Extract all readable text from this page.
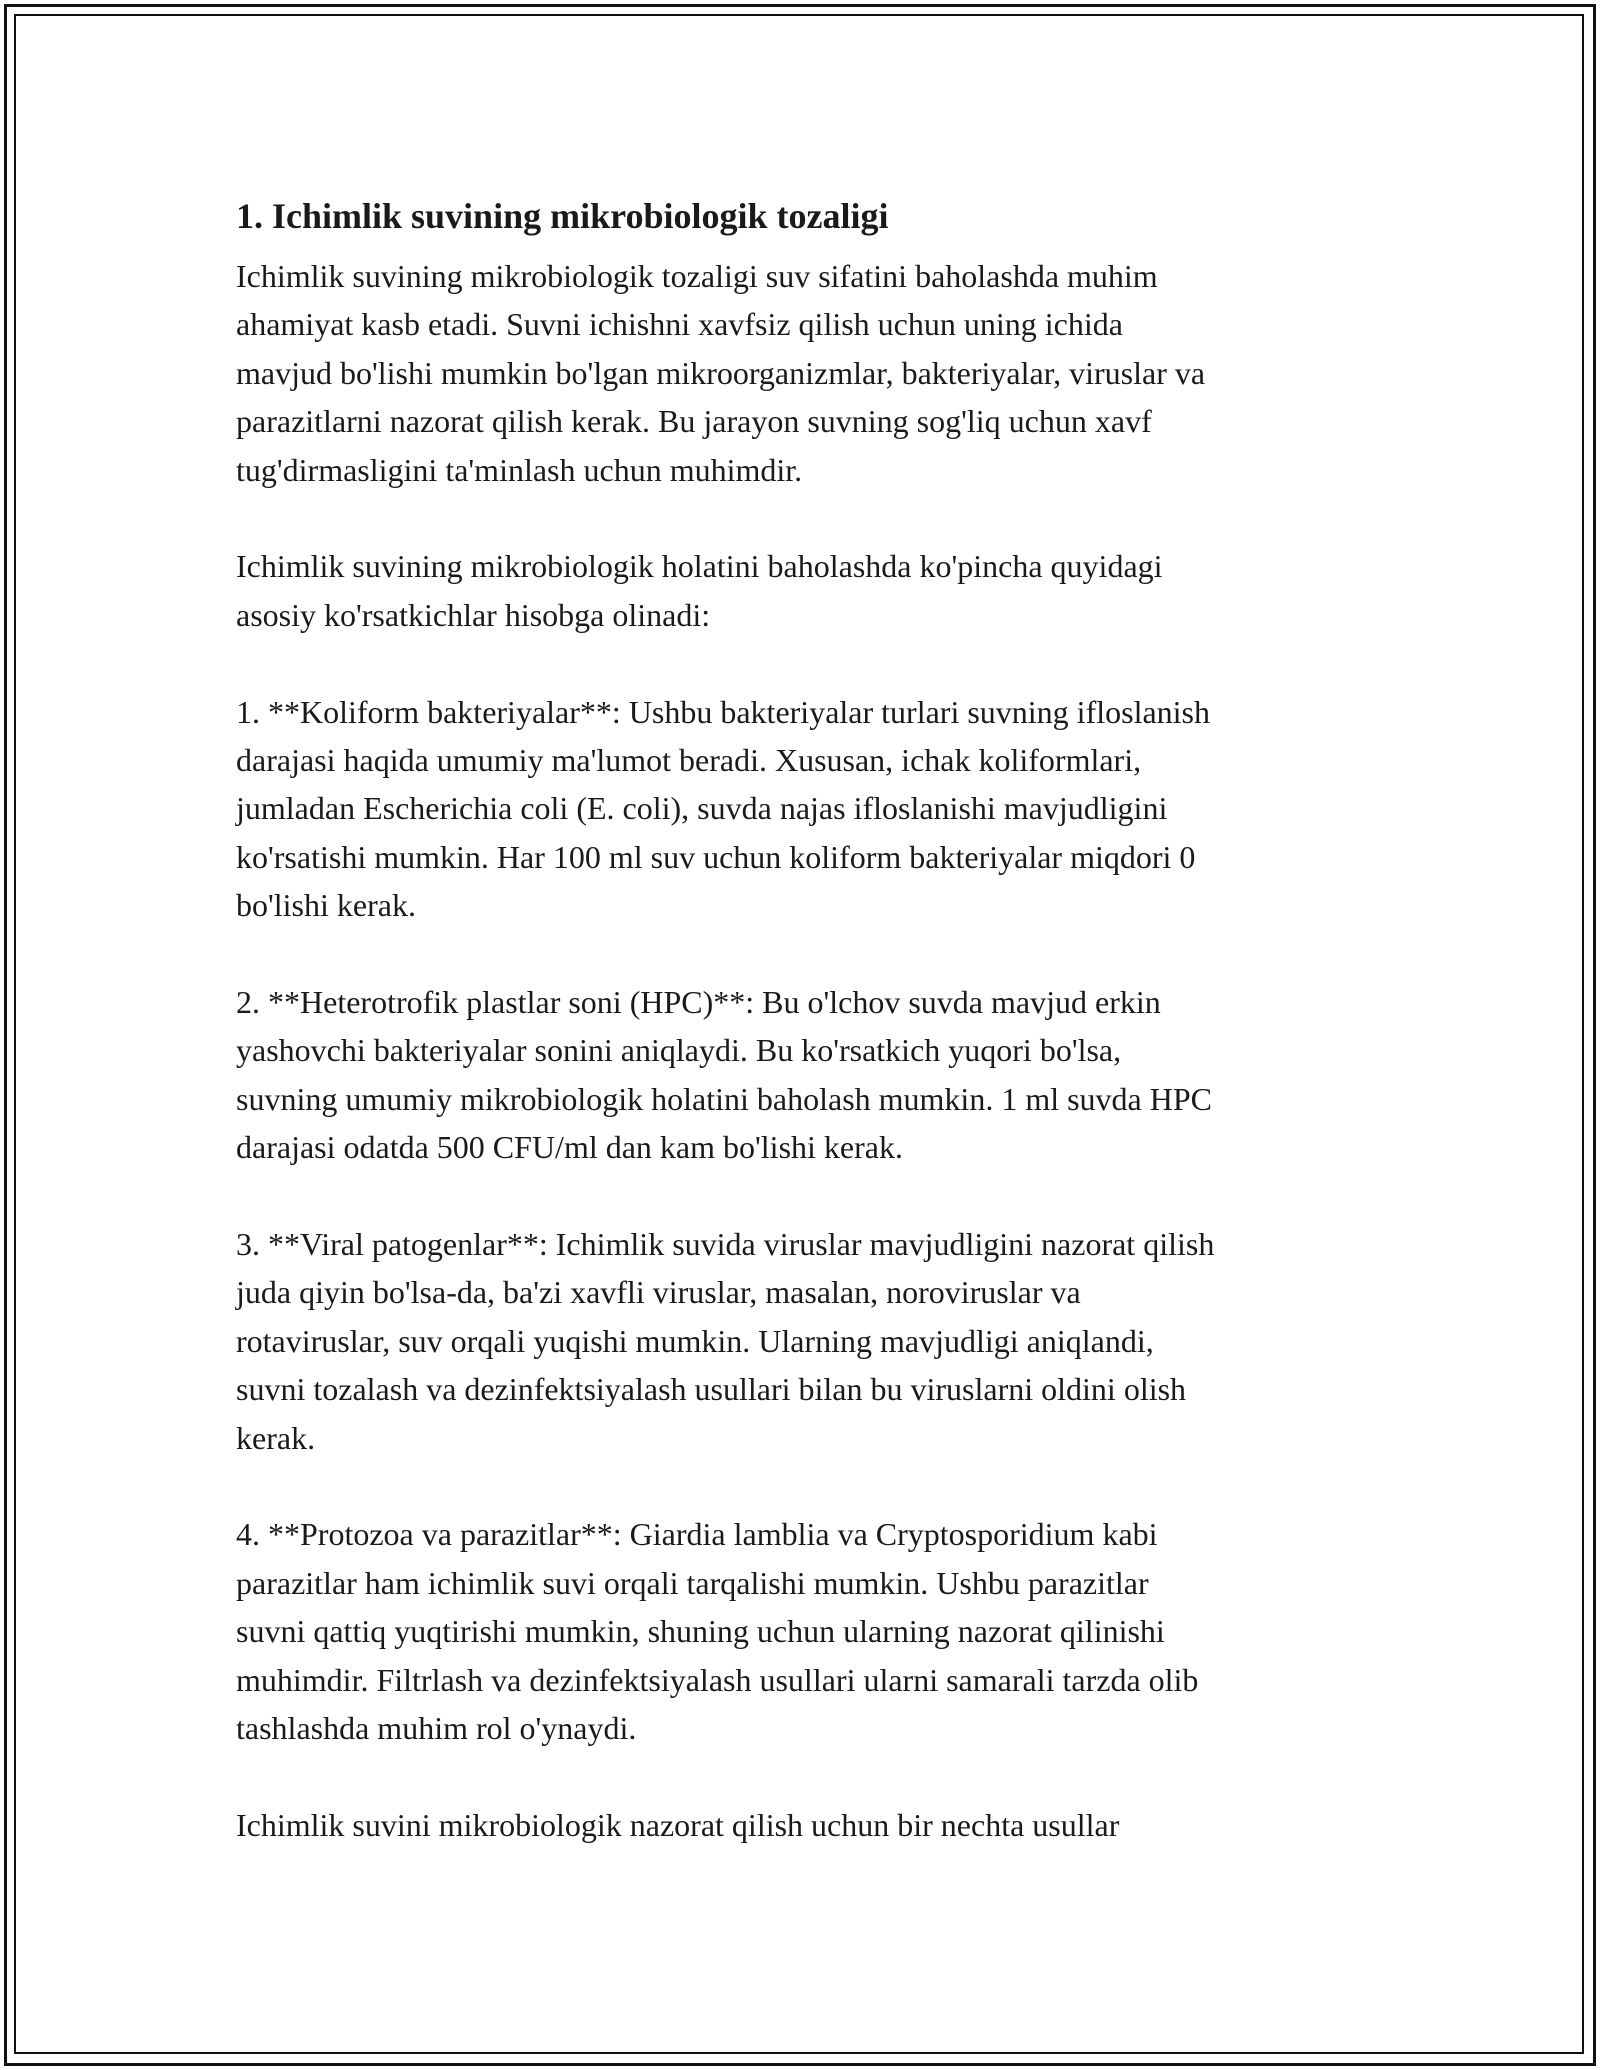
1. Ichimlik suvining mikrobiologik tozaligi
Ichimlik suvining mikrobiologik tozaligi suv sifatini baholashda muhim
ahamiyat kasb etadi. Suvni ichishni xavfsiz qilish uchun uning ichida
mavjud bo'lishi mumkin bo'lgan mikroorganizmlar, bakteriyalar, viruslar va
parazitlarni nazorat qilish kerak. Bu jarayon suvning sog'liq uchun xavf
tug'dirmasligini ta'minlash uchun muhimdir.
Ichimlik suvining mikrobiologik holatini baholashda ko'pincha quyidagi
asosiy ko'rsatkichlar hisobga olinadi:
1. **Koliform bakteriyalar**: Ushbu bakteriyalar turlari suvning ifloslanish
darajasi haqida umumiy ma'lumot beradi. Xususan, ichak koliformlari,
jumladan Escherichia coli (E. coli), suvda najas ifloslanishi mavjudligini
ko'rsatishi mumkin. Har 100 ml suv uchun koliform bakteriyalar miqdori 0
bo'lishi kerak.
2. **Heterotrofik plastlar soni (HPC)**: Bu o'lchov suvda mavjud erkin
yashovchi bakteriyalar sonini aniqlaydi. Bu ko'rsatkich yuqori bo'lsa,
suvning umumiy mikrobiologik holatini baholash mumkin. 1 ml suvda HPC
darajasi odatda 500 CFU/ml dan kam bo'lishi kerak.
3. **Viral patogenlar**: Ichimlik suvida viruslar mavjudligini nazorat qilish
juda qiyin bo'lsa-da, ba'zi xavfli viruslar, masalan, noroviruslar va
rotaviruslar, suv orqali yuqishi mumkin. Ularning mavjudligi aniqlandi,
suvni tozalash va dezinfektsiyalash usullari bilan bu viruslarni oldini olish
kerak.
4. **Protozoa va parazitlar**: Giardia lamblia va Cryptosporidium kabi
parazitlar ham ichimlik suvi orqali tarqalishi mumkin. Ushbu parazitlar
suvni qattiq yuqtirishi mumkin, shuning uchun ularning nazorat qilinishi
muhimdir. Filtrlash va dezinfektsiyalash usullari ularni samarali tarzda olib
tashlashda muhim rol o'ynaydi.
Ichimlik suvini mikrobiologik nazorat qilish uchun bir nechta usullar
